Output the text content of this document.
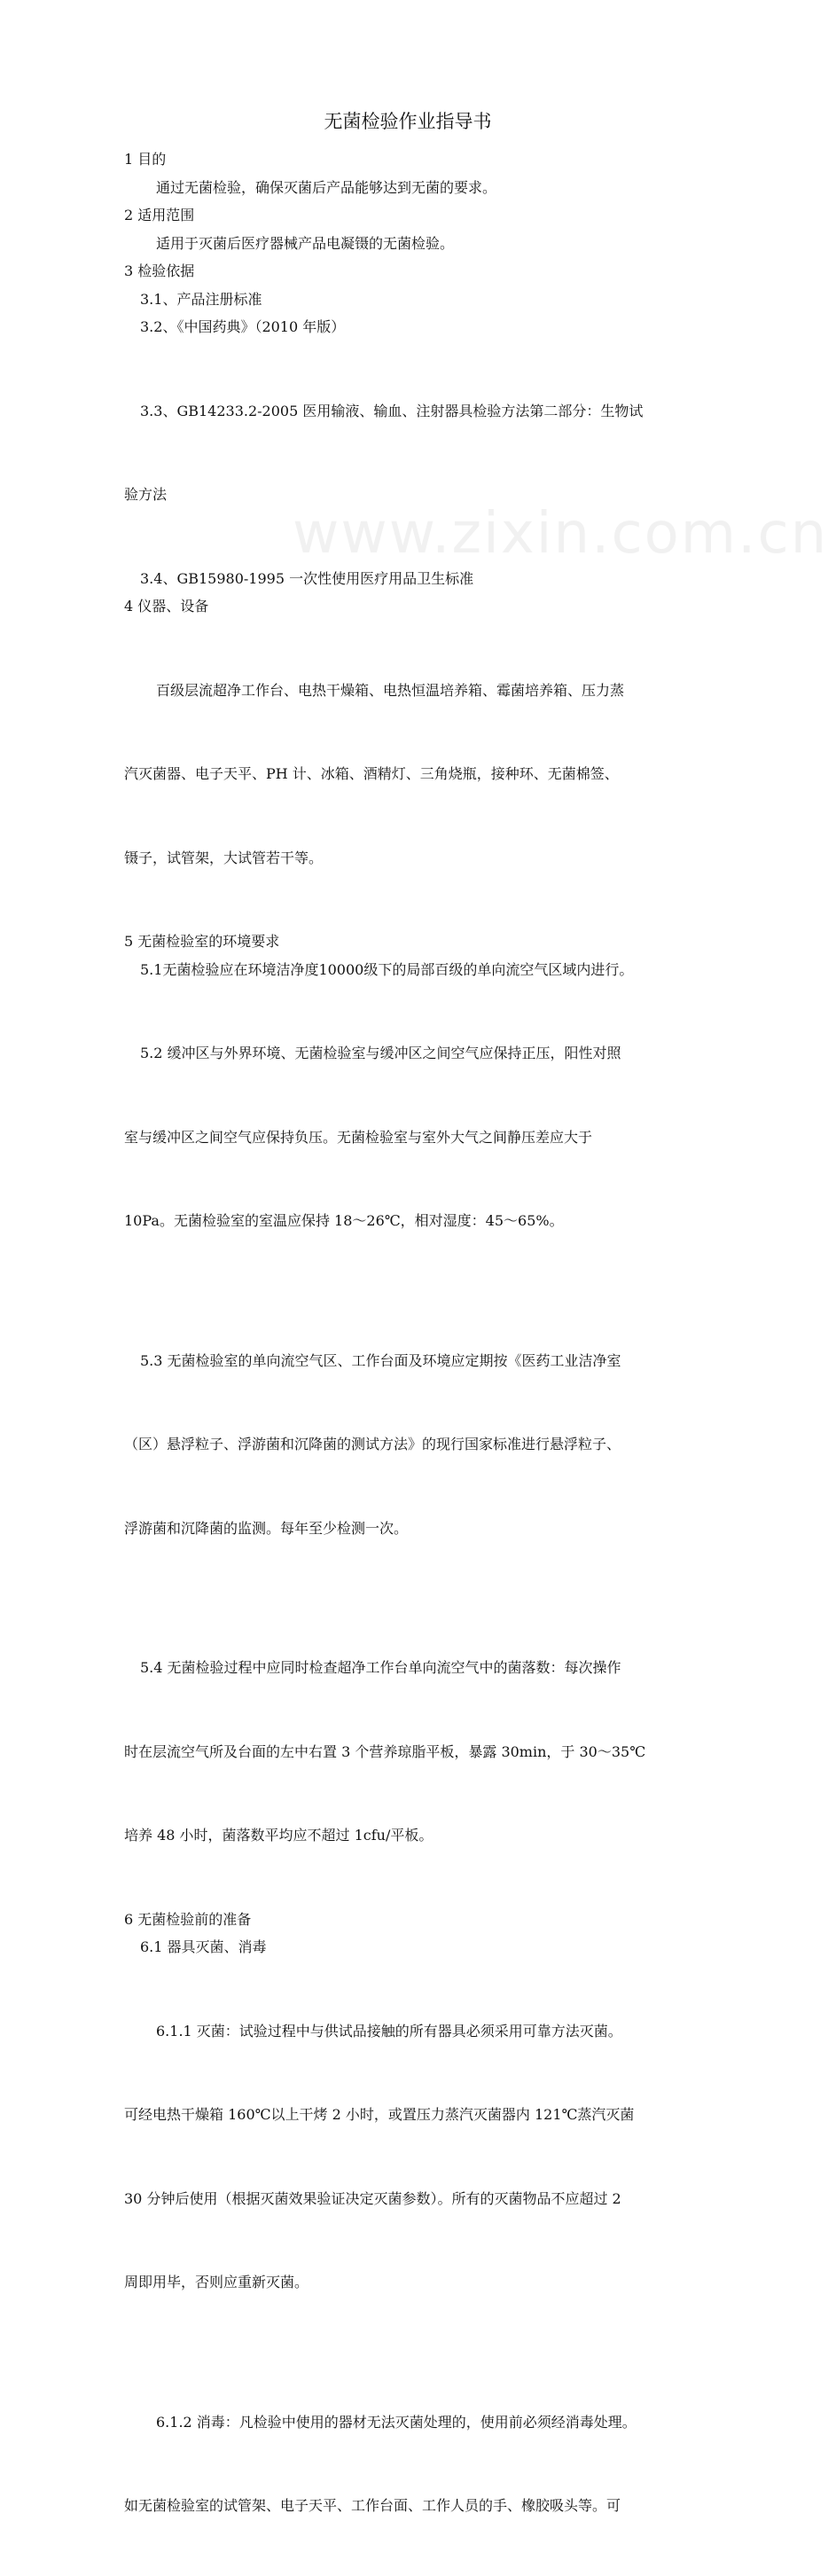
www.zixin.com.cn
无菌检验作业指导书

1 目的

通过无菌检验，确保灭菌后产品能够达到无菌的要求。

2 适用范围

适用于灭菌后医疗器械产品电凝镊的无菌检验。

3 检验依据

3.1、产品注册标准

3.2、《中国药典》（2010 年版）

3.3、GB14233.2-2005 医用输液、输血、注射器具检验方法第二部分：生物试

验方法

3.4、GB15980-1995 一次性使用医疗用品卫生标准

4 仪器、设备

百级层流超净工作台、电热干燥箱、电热恒温培养箱、霉菌培养箱、压力蒸

汽灭菌器、电子天平、PH 计、冰箱、酒精灯、三角烧瓶，接种环、无菌棉签、

镊子，试管架，大试管若干等。

5 无菌检验室的环境要求

5.1无菌检验应在环境洁净度10000级下的局部百级的单向流空气区域内进行。

5.2 缓冲区与外界环境、无菌检验室与缓冲区之间空气应保持正压，阳性对照

室与缓冲区之间空气应保持负压。无菌检验室与室外大气之间静压差应大于

10Pa。无菌检验室的室温应保持 18～26℃，相对湿度：45～65%。

5.3 无菌检验室的单向流空气区、工作台面及环境应定期按《医药工业洁净室

（区）悬浮粒子、浮游菌和沉降菌的测试方法》的现行国家标准进行悬浮粒子、

浮游菌和沉降菌的监测。每年至少检测一次。

5.4 无菌检验过程中应同时检查超净工作台单向流空气中的菌落数：每次操作

时在层流空气所及台面的左中右置 3 个营养琼脂平板，暴露 30min，于 30～35℃

培养 48 小时，菌落数平均应不超过 1cfu/平板。

6 无菌检验前的准备

6.1 器具灭菌、消毒

6.1.1 灭菌：试验过程中与供试品接触的所有器具必须采用可靠方法灭菌。

可经电热干燥箱 160℃以上干烤 2 小时，或置压力蒸汽灭菌器内 121℃蒸汽灭菌

30 分钟后使用（根据灭菌效果验证决定灭菌参数）。所有的灭菌物品不应超过 2

周即用毕，否则应重新灭菌。

6.1.2 消毒：凡检验中使用的器材无法灭菌处理的，使用前必须经消毒处理。

如无菌检验室的试管架、电子天平、工作台面、工作人员的手、橡胶吸头等。可
